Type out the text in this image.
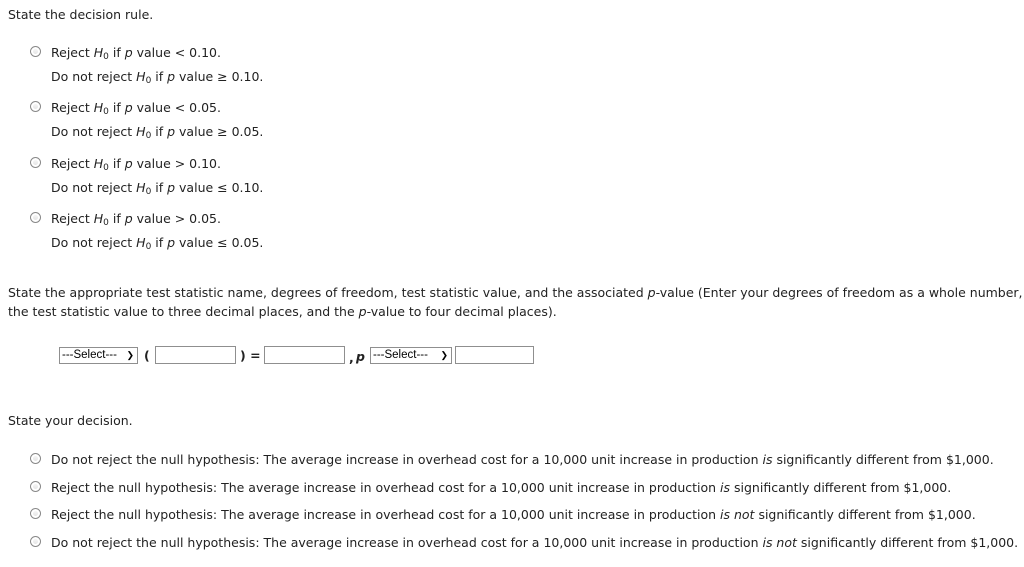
State the decision rule.
Reject $H_0$ if p value < 0.10.
Do not reject $H_0$ if p value ≥ 0.10.
Reject $H_0$ if p value < 0.05.
Do not reject $H_0$ if p value ≥ 0.05.
Reject $H_0$ if p value > 0.10.
Do not reject $H_0$ if p value ≤ 0.10.
Reject $H_0$ if p value > 0.05.
Do not reject $H_0$ if p value ≤ 0.05.
State the appropriate test statistic name, degrees of freedom, test statistic value, and the associated p-value (Enter your degrees of freedom as a whole number,
the test statistic value to three decimal places, and the p-value to four decimal places).
---Select--- ❯ (	) =	, p ---Select--- ❯
State your decision.
Do not reject the null hypothesis: The average increase in overhead cost for a 10,000 unit increase in production is significantly different from $1,000.
Reject the null hypothesis: The average increase in overhead cost for a 10,000 unit increase in production is significantly different from $1,000.
Reject the null hypothesis: The average increase in overhead cost for a 10,000 unit increase in production is not significantly different from $1,000.
Do not reject the null hypothesis: The average increase in overhead cost for a 10,000 unit increase in production is not significantly different from $1,000.
